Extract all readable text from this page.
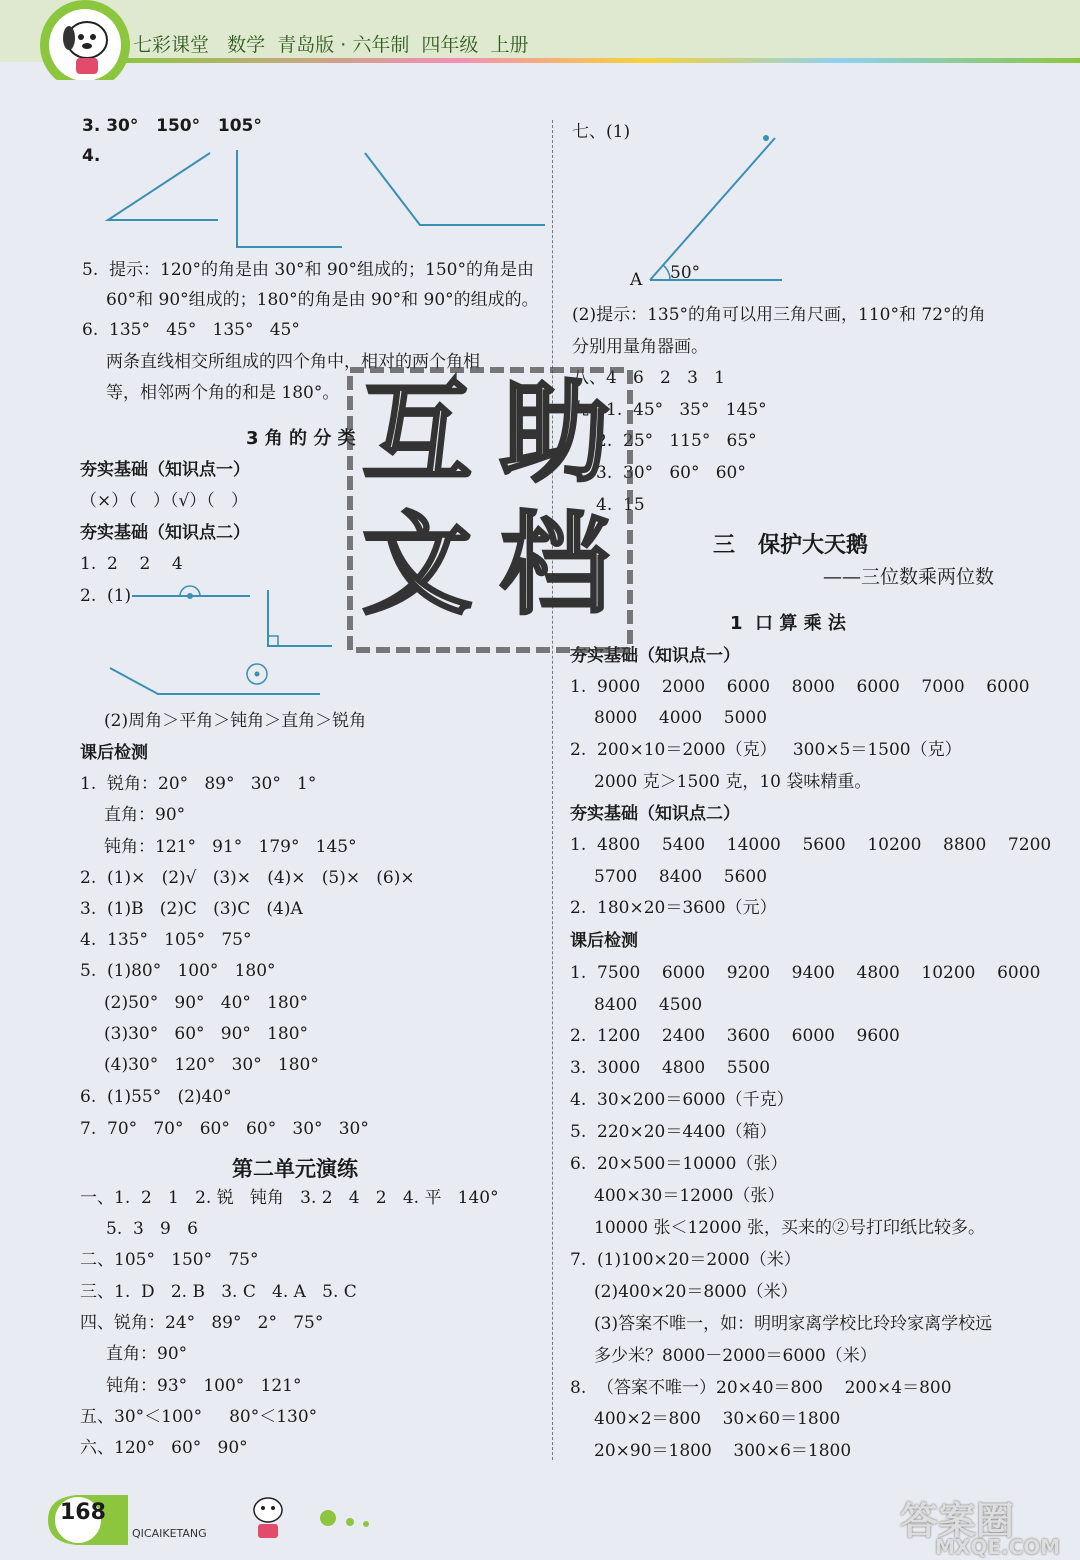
七彩课堂   数学  青岛版 · 六年制  四年级  上册
3. 30°   150°   105°
4.
5.  提示：120°的角是由 30°和 90°组成的；150°的角是由
60°和 90°组成的；180°的角是由 90°和 90°的组成的。
6.  135°   45°   135°   45°
两条直线相交所组成的四个角中，相对的两个角相
等，相邻两个角的和是 180°。
3 角 的 分 类
夯实基础（知识点一）
（×）（   ）（√）（   ）
夯实基础（知识点二）
1.  2    2    4
2.  (1)
(2)周角＞平角＞钝角＞直角＞锐角
课后检测
1.  锐角：20°   89°   30°   1°
直角：90°
钝角：121°   91°   179°   145°
2.  (1)×   (2)√   (3)×   (4)×   (5)×   (6)×
3.  (1)B   (2)C   (3)C   (4)A
4.  135°   105°   75°
5.  (1)80°   100°   180°
(2)50°   90°   40°   180°
(3)30°   60°   90°   180°
(4)30°   120°   30°   180°
6.  (1)55°   (2)40°
7.  70°   70°   60°   60°   30°   30°
第二单元演练
一、1.  2   1   2. 锐   钝角   3. 2   4   2   4. 平   140°
5.  3   9   6
二、105°   150°   75°
三、1.  D   2. B   3. C   4. A   5. C
四、锐角：24°   89°   2°   75°
直角：90°
钝角：93°   100°   121°
五、30°＜100°     80°＜130°
六、120°   60°   90°
七、(1)
A 50°
(2)提示：135°的角可以用三角尺画，110°和 72°的角
分别用量角器画。
八、4   6   2   3   1
九、1.  45°   35°   145°
2.  25°   115°   65°
3.  30°   60°   60°
4.  15
三   保护大天鹅
——三位数乘两位数
1  口 算 乘 法
夯实基础（知识点一）
1.  9000    2000    6000    8000    6000    7000    6000
8000    4000    5000
2.  200×10＝2000（克）   300×5＝1500（克）
2000 克＞1500 克，10 袋味精重。
夯实基础（知识点二）
1.  4800    5400    14000    5600    10200    8800    7200
5700    8400    5600
2.  180×20＝3600（元）
课后检测
1.  7500    6000    9200    9400    4800    10200    6000
8400    4500
2.  1200    2400    3600    6000    9600
3.  3000    4800    5500
4.  30×200＝6000（千克）
5.  220×20＝4400（箱）
6.  20×500＝10000（张）
400×30＝12000（张）
10000 张＜12000 张，买来的②号打印纸比较多。
7.  (1)100×20＝2000（米）
(2)400×20＝8000（米）
(3)答案不唯一，如：明明家离学校比玲玲家离学校远
多少米？8000－2000＝6000（米）
8.  （答案不唯一）20×40＝800    200×4＝800
400×2＝800    30×60＝1800
20×90＝1800    300×6＝1800
互 助
文 档
168
QICAIKETANG	答案圈
MXQE.COM
